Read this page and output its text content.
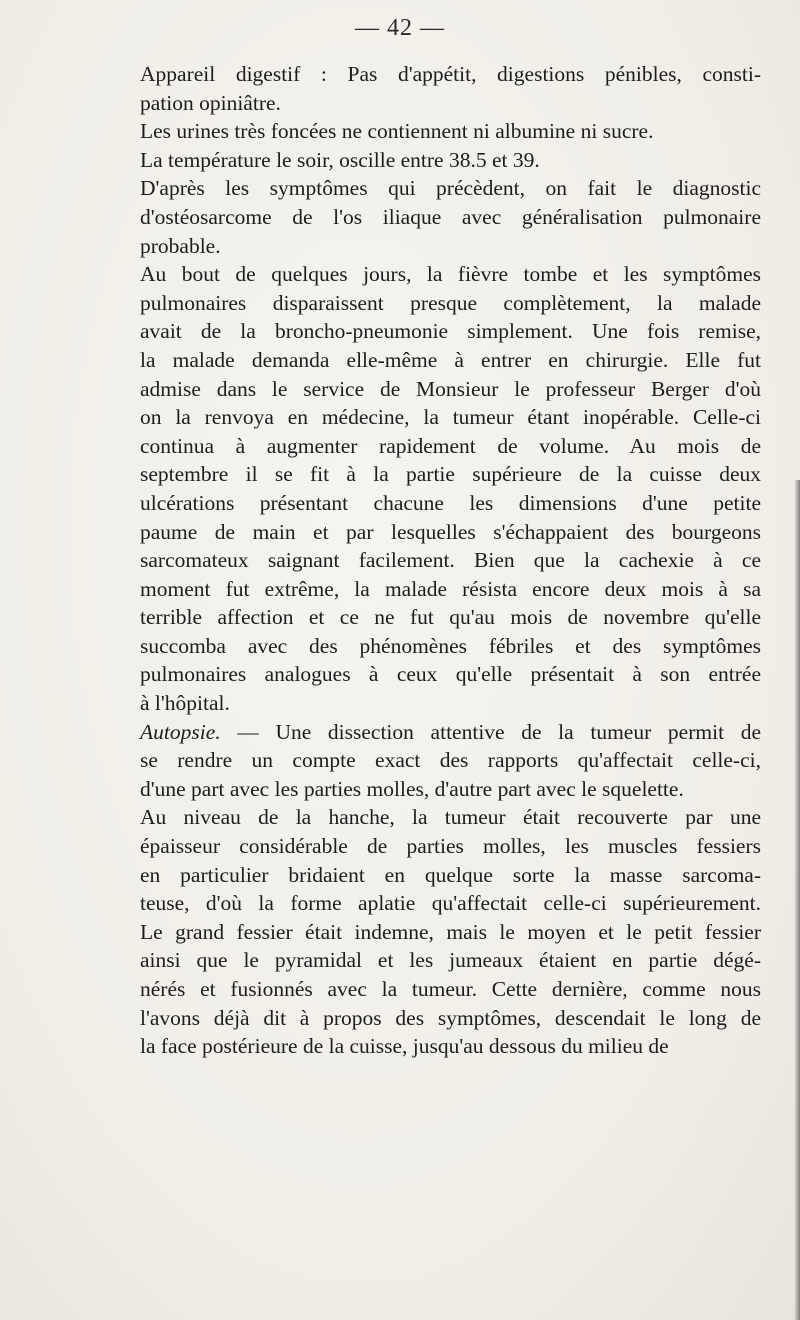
— 42 —

Appareil digestif : Pas d'appétit, digestions pénibles, consti-
pation opiniâtre.

Les urines très foncées ne contiennent ni albumine ni sucre.

La température le soir, oscille entre 38.5 et 39.

D'après les symptômes qui précèdent, on fait le diagnostic
d'ostéosarcome de l'os iliaque avec généralisation pulmonaire
probable.

Au bout de quelques jours, la fièvre tombe et les symptômes
pulmonaires disparaissent presque complètement, la malade
avait de la broncho-pneumonie simplement. Une fois remise,
la malade demanda elle-même à entrer en chirurgie. Elle fut
admise dans le service de Monsieur le professeur Berger d'où
on la renvoya en médecine, la tumeur étant inopérable. Celle-ci
continua à augmenter rapidement de volume. Au mois de
septembre il se fit à la partie supérieure de la cuisse deux
ulcérations présentant chacune les dimensions d'une petite
paume de main et par lesquelles s'échappaient des bourgeons
sarcomateux saignant facilement. Bien que la cachexie à ce
moment fut extrême, la malade résista encore deux mois à sa
terrible affection et ce ne fut qu'au mois de novembre qu'elle
succomba avec des phénomènes fébriles et des symptômes
pulmonaires analogues à ceux qu'elle présentait à son entrée
à l'hôpital.

Autopsie. — Une dissection attentive de la tumeur permit de
se rendre un compte exact des rapports qu'affectait celle-ci,
d'une part avec les parties molles, d'autre part avec le squelette.

Au niveau de la hanche, la tumeur était recouverte par une
épaisseur considérable de parties molles, les muscles fessiers
en particulier bridaient en quelque sorte la masse sarcoma-
teuse, d'où la forme aplatie qu'affectait celle-ci supérieurement.
Le grand fessier était indemne, mais le moyen et le petit fessier
ainsi que le pyramidal et les jumeaux étaient en partie dégé-
nérés et fusionnés avec la tumeur. Cette dernière, comme nous
l'avons déjà dit à propos des symptômes, descendait le long de
la face postérieure de la cuisse, jusqu'au dessous du milieu de
